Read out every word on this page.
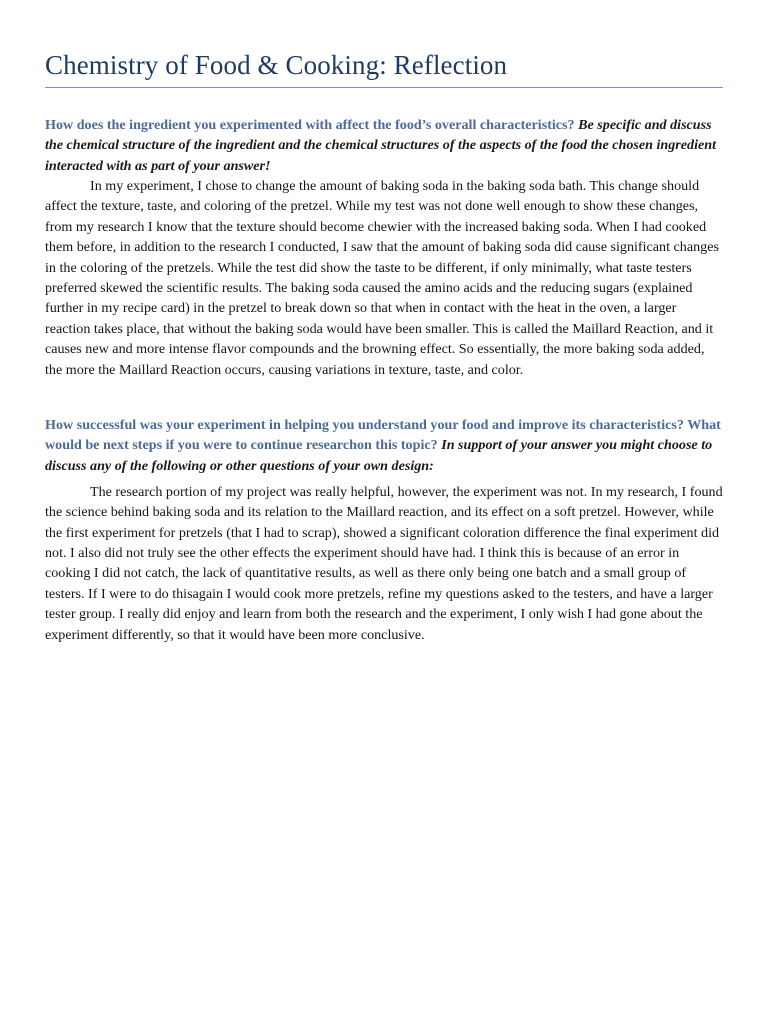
Chemistry of Food & Cooking: Reflection

How does the ingredient you experimented with affect the food’s overall characteristics? Be specific and discuss the chemical structure of the ingredient and the chemical structures of the aspects of the food the chosen ingredient interacted with as part of your answer!

In my experiment, I chose to change the amount of baking soda in the baking soda bath. This change should affect the texture, taste, and coloring of the pretzel. While my test was not done well enough to show these changes, from my research I know that the texture should become chewier with the increased baking soda. When I had cooked them before, in addition to the research I conducted, I saw that the amount of baking soda did cause significant changes in the coloring of the pretzels. While the test did show the taste to be different, if only minimally, what taste testers preferred skewed the scientific results. The baking soda caused the amino acids and the reducing sugars (explained further in my recipe card) in the pretzel to break down so that when in contact with the heat in the oven, a larger reaction takes place, that without the baking soda would have been smaller. This is called the Maillard Reaction, and it causes new and more intense flavor compounds and the browning effect. So essentially, the more baking soda added, the more the Maillard Reaction occurs, causing variations in texture, taste, and color.

How successful was your experiment in helping you understand your food and improve its characteristics? What would be next steps if you were to continue researchon this topic? In support of your answer you might choose to discuss any of the following or other questions of your own design:

The research portion of my project was really helpful, however, the experiment was not. In my research, I found the science behind baking soda and its relation to the Maillard reaction, and its effect on a soft pretzel. However, while the first experiment for pretzels (that I had to scrap), showed a significant coloration difference the final experiment did not. I also did not truly see the other effects the experiment should have had. I think this is because of an error in cooking I did not catch, the lack of quantitative results, as well as there only being one batch and a small group of testers. If I were to do thisagain I would cook more pretzels, refine my questions asked to the testers, and have a larger tester group. I really did enjoy and learn from both the research and the experiment, I only wish I had gone about the experiment differently, so that it would have been more conclusive.
